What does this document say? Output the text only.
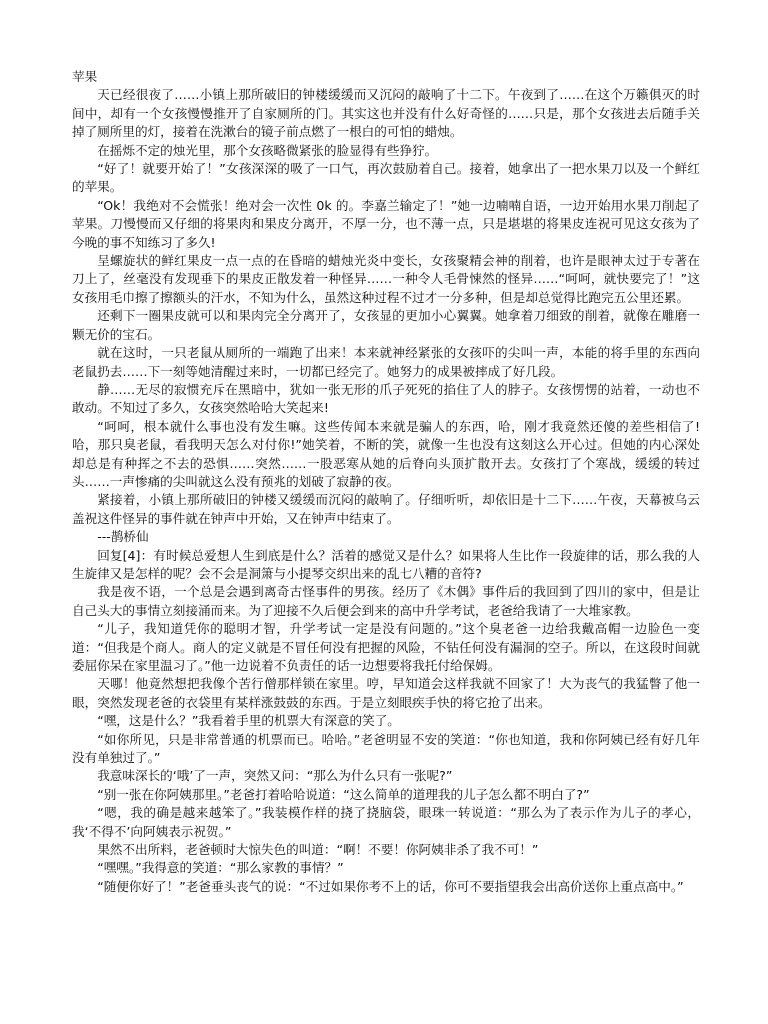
苹果

天已经很夜了……小镇上那所破旧的钟楼缓缓而又沉闷的敲响了十二下。午夜到了……在这个万籁俱灭的时间中，却有一个女孩慢慢推开了自家厕所的门。其实这也并没有什么好奇怪的……只是，那个女孩进去后随手关掉了厕所里的灯，接着在洗漱台的镜子前点燃了一根白的可怕的蜡烛。

在摇烁不定的烛光里，那个女孩略微紧张的脸显得有些狰狞。

“好了！就要开始了！”女孩深深的吸了一口气，再次鼓励着自己。接着，她拿出了一把水果刀以及一个鲜红的苹果。

“Ok！我绝对不会慌张！绝对会一次性 0k 的。李嘉兰输定了！”她一边喃喃自语，一边开始用水果刀削起了苹果。刀慢慢而又仔细的将果肉和果皮分离开，不厚一分，也不薄一点，只是堪堪的将果皮连祝可见这女孩为了今晚的事不知练习了多久!

呈螺旋状的鲜红果皮一点一点的在昏暗的蜡烛光炎中变长，女孩聚精会神的削着，也许是眼神太过于专著在刀上了，丝毫没有发现垂下的果皮正散发着一种怪异……一种令人毛骨悚然的怪异……“呵呵，就快要完了！”这女孩用毛巾擦了擦额头的汗水，不知为什么，虽然这种过程不过才一分多种，但是却总觉得比跑完五公里还累。

还剩下一圈果皮就可以和果肉完全分离开了，女孩显的更加小心翼翼。她拿着刀细致的削着，就像在雕磨一颗无价的宝石。

就在这时，一只老鼠从厕所的一端跑了出来！本来就神经紧张的女孩吓的尖叫一声，本能的将手里的东西向老鼠扔去……下一刻等她清醒过来时，一切都已经完了。她努力的成果被摔成了好几段。

静……无尽的寂惯充斥在黑暗中，犹如一张无形的爪子死死的掐住了人的脖子。女孩愣愣的站着，一动也不敢动。不知过了多久，女孩突然哈哈大笑起来!

“呵呵，根本就什么事也没有发生嘛。这些传闻本来就是骗人的东西，哈，刚才我竟然还傻的差些相信了!哈，那只臭老鼠，看我明天怎么对付你!”她笑着，不断的笑，就像一生也没有这刻这么开心过。但她的内心深处却总是有种挥之不去的恐惧……突然……一股恶寒从她的后脊向头顶扩散开去。女孩打了个寒战，缓缓的转过头……一声惨痛的尖叫就这么没有预兆的划破了寂静的夜。

紧接着，小镇上那所破旧的钟楼又缓缓而沉闷的敲响了。仔细听听，却依旧是十二下……午夜，天幕被乌云盖祝这件怪异的事件就在钟声中开始，又在钟声中结束了。

---鹊桥仙

回复[4]：有时候总爱想人生到底是什么？活着的感觉又是什么？如果将人生比作一段旋律的话，那么我的人生旋律又是怎样的呢？会不会是洞箫与小提琴交织出来的乱七八糟的音符?

我是夜不语，一个总是会遇到离奇古怪事件的男孩。经历了《木偶》事件后的我回到了四川的家中，但是让自己头大的事情立刻接涌而来。为了迎接不久后便会到来的高中升学考试，老爸给我请了一大堆家教。

“儿子，我知道凭你的聪明才智，升学考试一定是没有问题的。”这个臭老爸一边给我戴高帽一边脸色一变道：“但我是个商人。商人的定义就是不冒任何没有把握的风险，不钻任何没有漏洞的空子。所以，在这段时间就委屈你呆在家里温习了。”他一边说着不负责任的话一边想要将我托付给保姆。

天哪！他竟然想把我像个苦行僧那样锁在家里。哼，早知道会这样我就不回家了！大为丧气的我猛瞥了他一眼，突然发现老爸的衣袋里有某样涨鼓鼓的东西。于是立刻眼疾手快的将它抢了出来。

“嘿，这是什么？”我看着手里的机票大有深意的笑了。

“如你所见，只是非常普通的机票而已。哈哈。”老爸明显不安的笑道：“你也知道，我和你阿姨已经有好几年没有单独过了。”

我意味深长的‘哦’了一声，突然又问：“那么为什么只有一张呢?”

“别一张在你阿姨那里。”老爸打着哈哈说道：“这么简单的道理我的儿子怎么都不明白了?”

“嗯，我的确是越来越笨了。”我装模作样的挠了挠脑袋，眼珠一转说道：“那么为了表示作为儿子的孝心，我‘不得不’向阿姨表示祝贺。”

果然不出所料，老爸顿时大惊失色的叫道：“啊！不要！你阿姨非杀了我不可！”

“嘿嘿。”我得意的笑道：“那么家教的事情？”

“随便你好了！”老爸垂头丧气的说：“不过如果你考不上的话，你可不要指望我会出高价送你上重点高中。”
